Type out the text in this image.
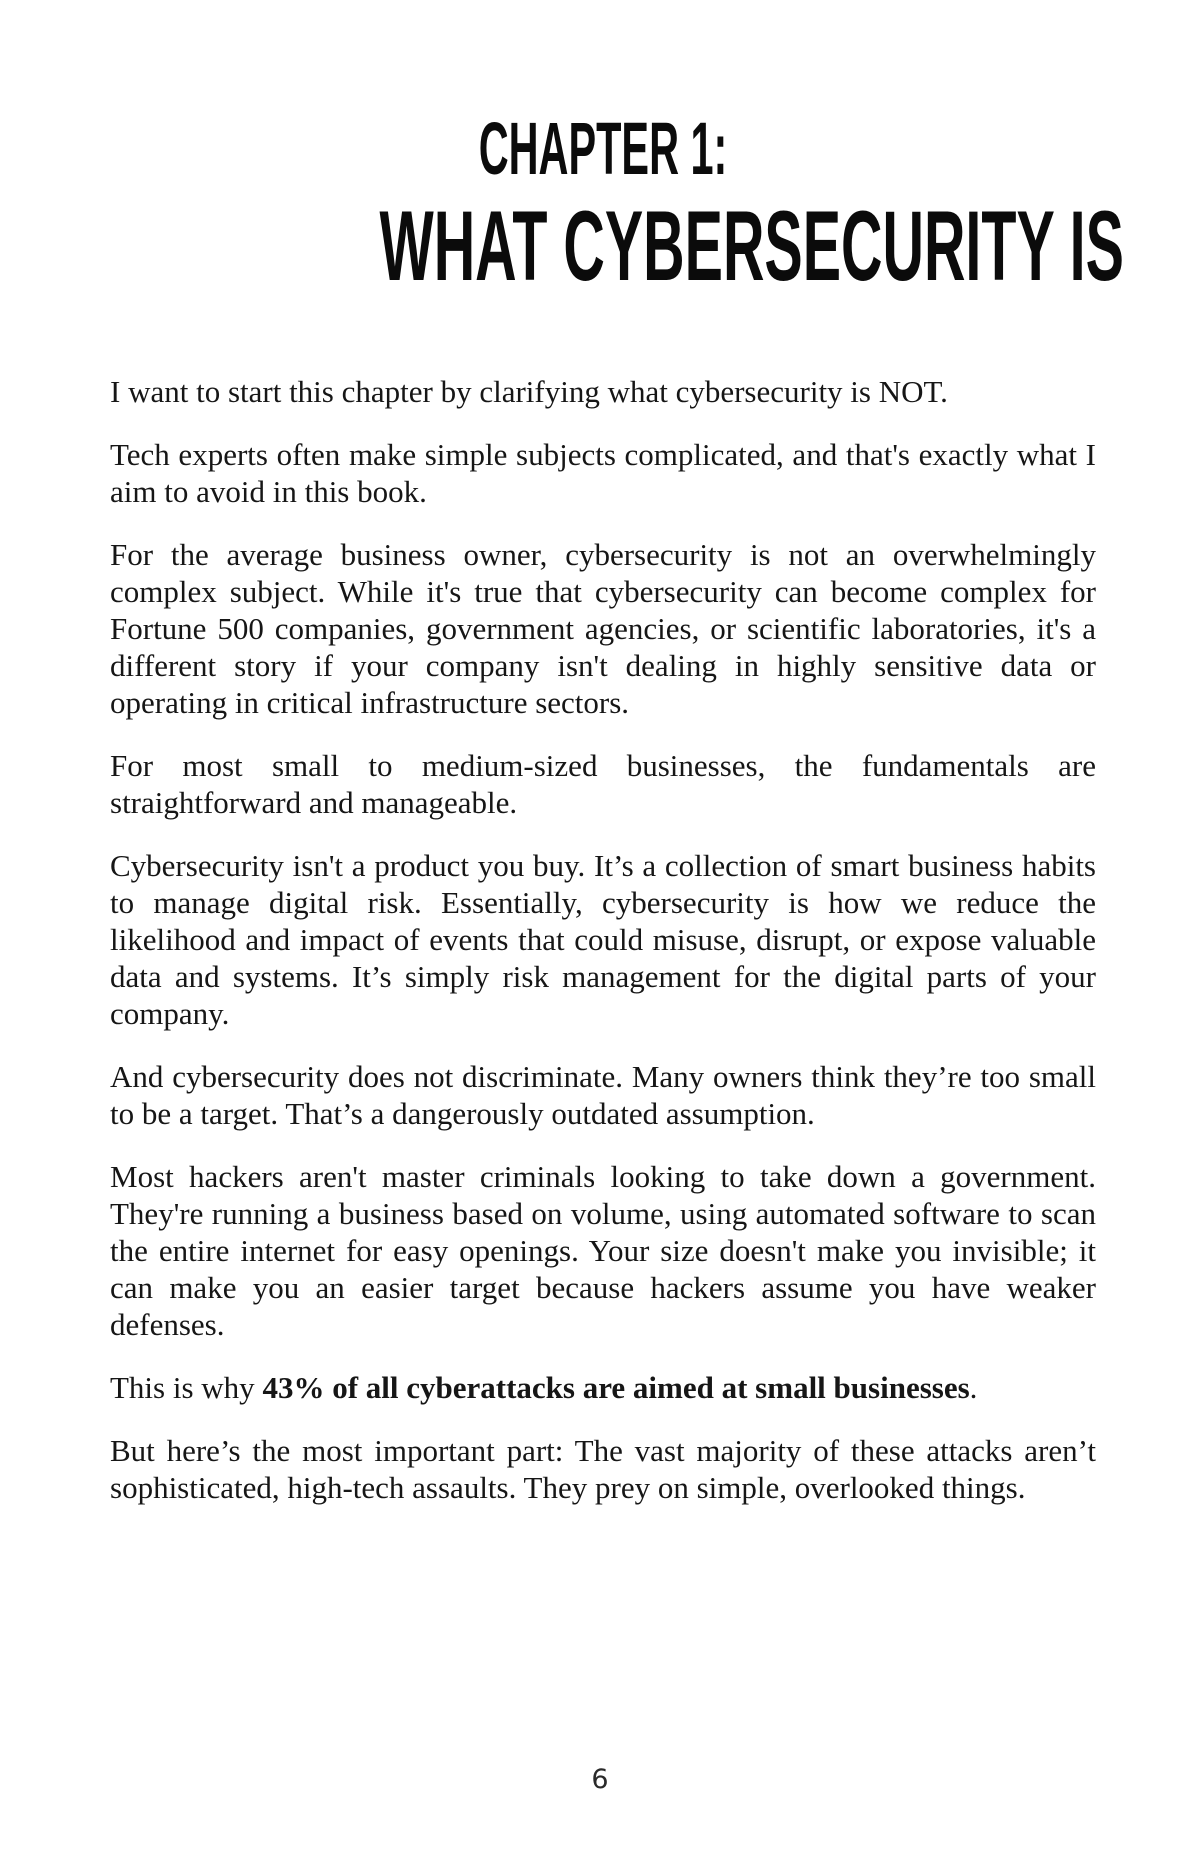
CHAPTER 1:
WHAT CYBERSECURITY IS

I want to start this chapter by clarifying what cybersecurity is NOT.

Tech experts often make simple subjects complicated, and that's exactly what I aim to avoid in this book.

For the average business owner, cybersecurity is not an overwhelmingly complex subject. While it's true that cybersecurity can become complex for Fortune 500 companies, government agencies, or scientific laboratories, it's a different story if your company isn't dealing in highly sensitive data or operating in critical infrastructure sectors.

For most small to medium-sized businesses, the fundamentals are straightforward and manageable.

Cybersecurity isn't a product you buy. It’s a collection of smart business habits to manage digital risk. Essentially, cybersecurity is how we reduce the likelihood and impact of events that could misuse, disrupt, or expose valuable data and systems. It’s simply risk management for the digital parts of your company.

And cybersecurity does not discriminate. Many owners think they’re too small to be a target. That’s a dangerously outdated assumption.

Most hackers aren't master criminals looking to take down a government. They're running a business based on volume, using automated software to scan the entire internet for easy openings. Your size doesn't make you invisible; it can make you an easier target because hackers assume you have weaker defenses.

This is why 43% of all cyberattacks are aimed at small businesses.

But here’s the most important part: The vast majority of these attacks aren’t sophisticated, high-tech assaults. They prey on simple, overlooked things.

6
